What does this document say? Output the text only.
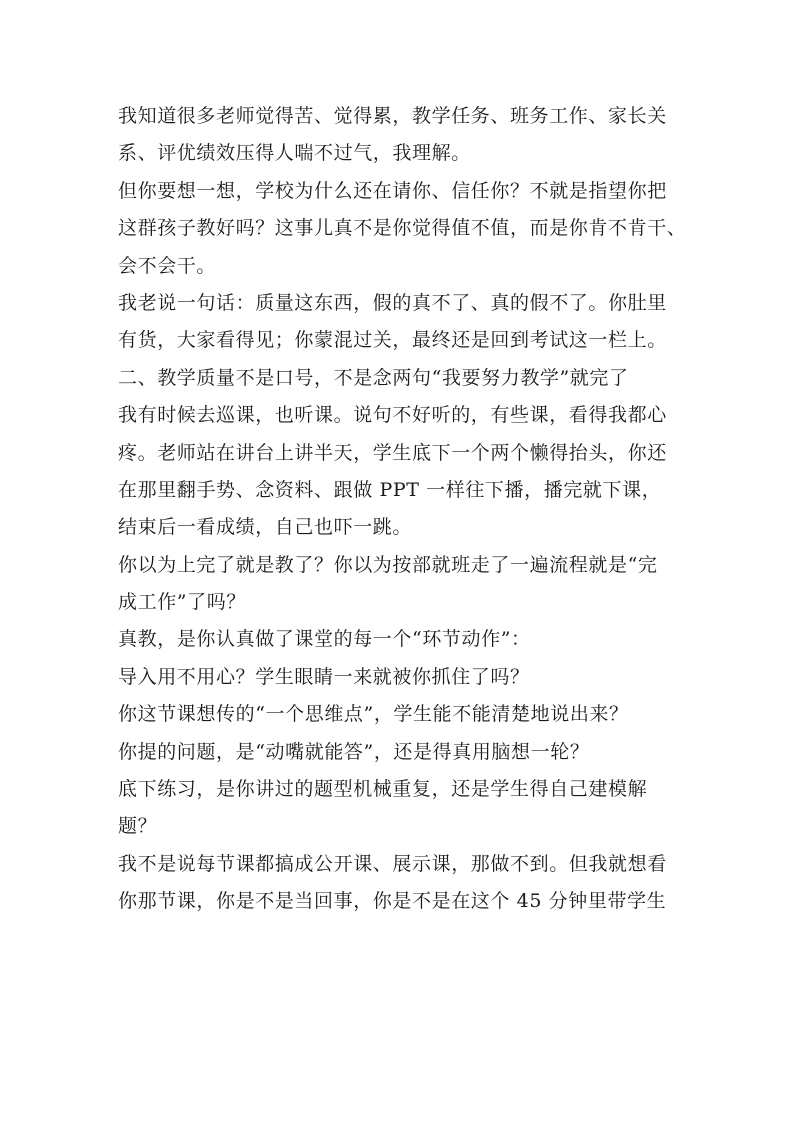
我知道很多老师觉得苦、觉得累，教学任务、班务工作、家长关
系、评优绩效压得人喘不过气，我理解。
但你要想一想，学校为什么还在请你、信任你？不就是指望你把
这群孩子教好吗？这事儿真不是你觉得值不值，而是你肯不肯干、
会不会干。
我老说一句话：质量这东西，假的真不了、真的假不了。你肚里
有货，大家看得见；你蒙混过关，最终还是回到考试这一栏上。
二、教学质量不是口号，不是念两句“我要努力教学”就完了
我有时候去巡课，也听课。说句不好听的，有些课，看得我都心
疼。老师站在讲台上讲半天，学生底下一个两个懒得抬头，你还
在那里翻手势、念资料、跟做 PPT 一样往下播，播完就下课，
结束后一看成绩，自己也吓一跳。
你以为上完了就是教了？你以为按部就班走了一遍流程就是“完
成工作”了吗？
真教，是你认真做了课堂的每一个“环节动作”：
导入用不用心？学生眼睛一来就被你抓住了吗？
你这节课想传的“一个思维点”，学生能不能清楚地说出来？
你提的问题，是“动嘴就能答”，还是得真用脑想一轮？
底下练习，是你讲过的题型机械重复，还是学生得自己建模解
题？
我不是说每节课都搞成公开课、展示课，那做不到。但我就想看
你那节课，你是不是当回事，你是不是在这个 45 分钟里带学生
